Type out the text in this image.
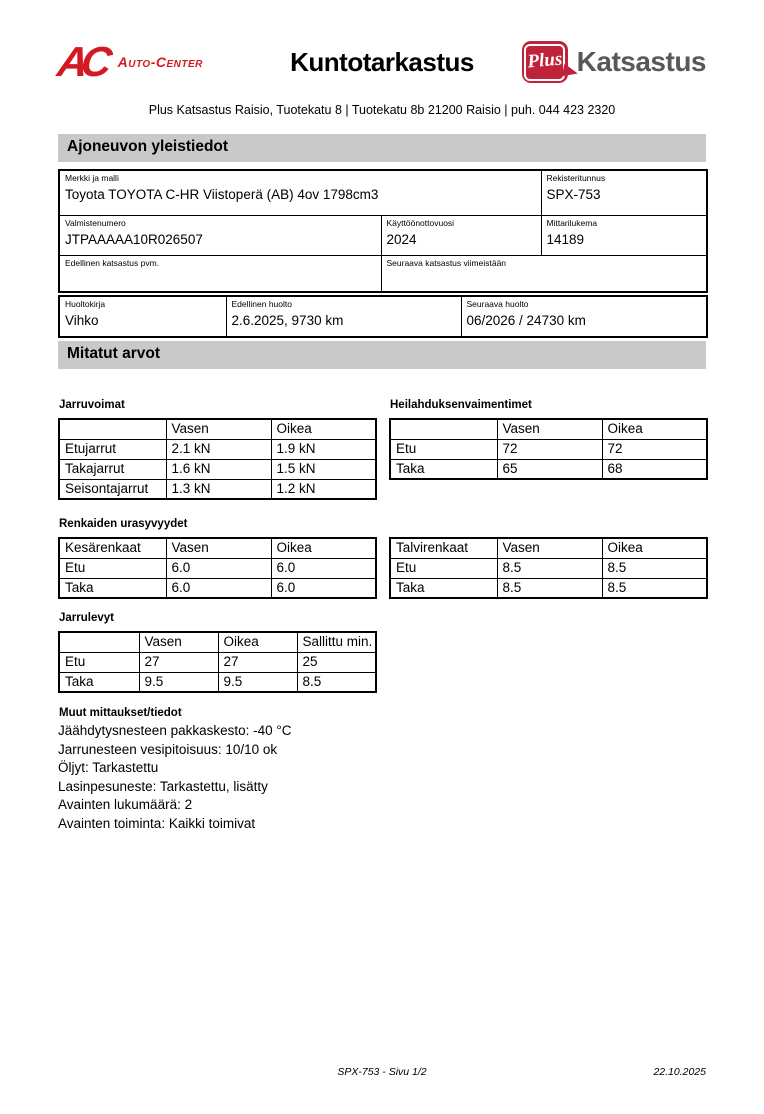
AC Auto-Center	Kuntotarkastus	Plus Katsastus
Plus Katsastus Raisio, Tuotekatu 8 | Tuotekatu 8b 21200 Raisio | puh. 044 423 2320
Ajoneuvon yleistiedot
Merkki ja malli
Toyota TOYOTA C-HR Viistoperä (AB) 4ov 1798cm3

Rekisteritunnus
SPX-753

Valmistenumero
JTPAAAAA10R026507

Käyttöönottovuosi
2024

Mittarilukema
14189

Edellinen katsastus pvm.	Seuraava katsastus viimeistään	
Huoltokirja
Vihko

Edellinen huolto
2.6.2025, 9730 km

Seuraava huolto
06/2026 / 24730 km
Mitatut arvot
Jarruvoimat
	Vasen	Oikea
Etujarrut	2.1 kN	1.9 kN
Takajarrut	1.6 kN	1.5 kN
Seisontajarrut	1.3 kN	1.2 kN
Heilahduksenvaimentimet
	Vasen	Oikea
Etu	72	72
Taka	65	68
Renkaiden urasyvyydet
Kesärenkaat	Vasen	Oikea
Etu	6.0	6.0
Taka	6.0	6.0
Talvirenkaat	Vasen	Oikea
Etu	8.5	8.5
Taka	8.5	8.5
Jarrulevyt
	Vasen	Oikea	Sallittu min.
Etu	27	27	25
Taka	9.5	9.5	8.5
Muut mittaukset/tiedot
Jäähdytysnesteen pakkaskesto: -40 °C
Jarrunesteen vesipitoisuus: 10/10 ok
Öljyt: Tarkastettu
Lasinpesuneste: Tarkastettu, lisätty
Avainten lukumäärä: 2
Avainten toiminta: Kaikki toimivat
SPX-753 - Sivu 1/2	22.10.2025
